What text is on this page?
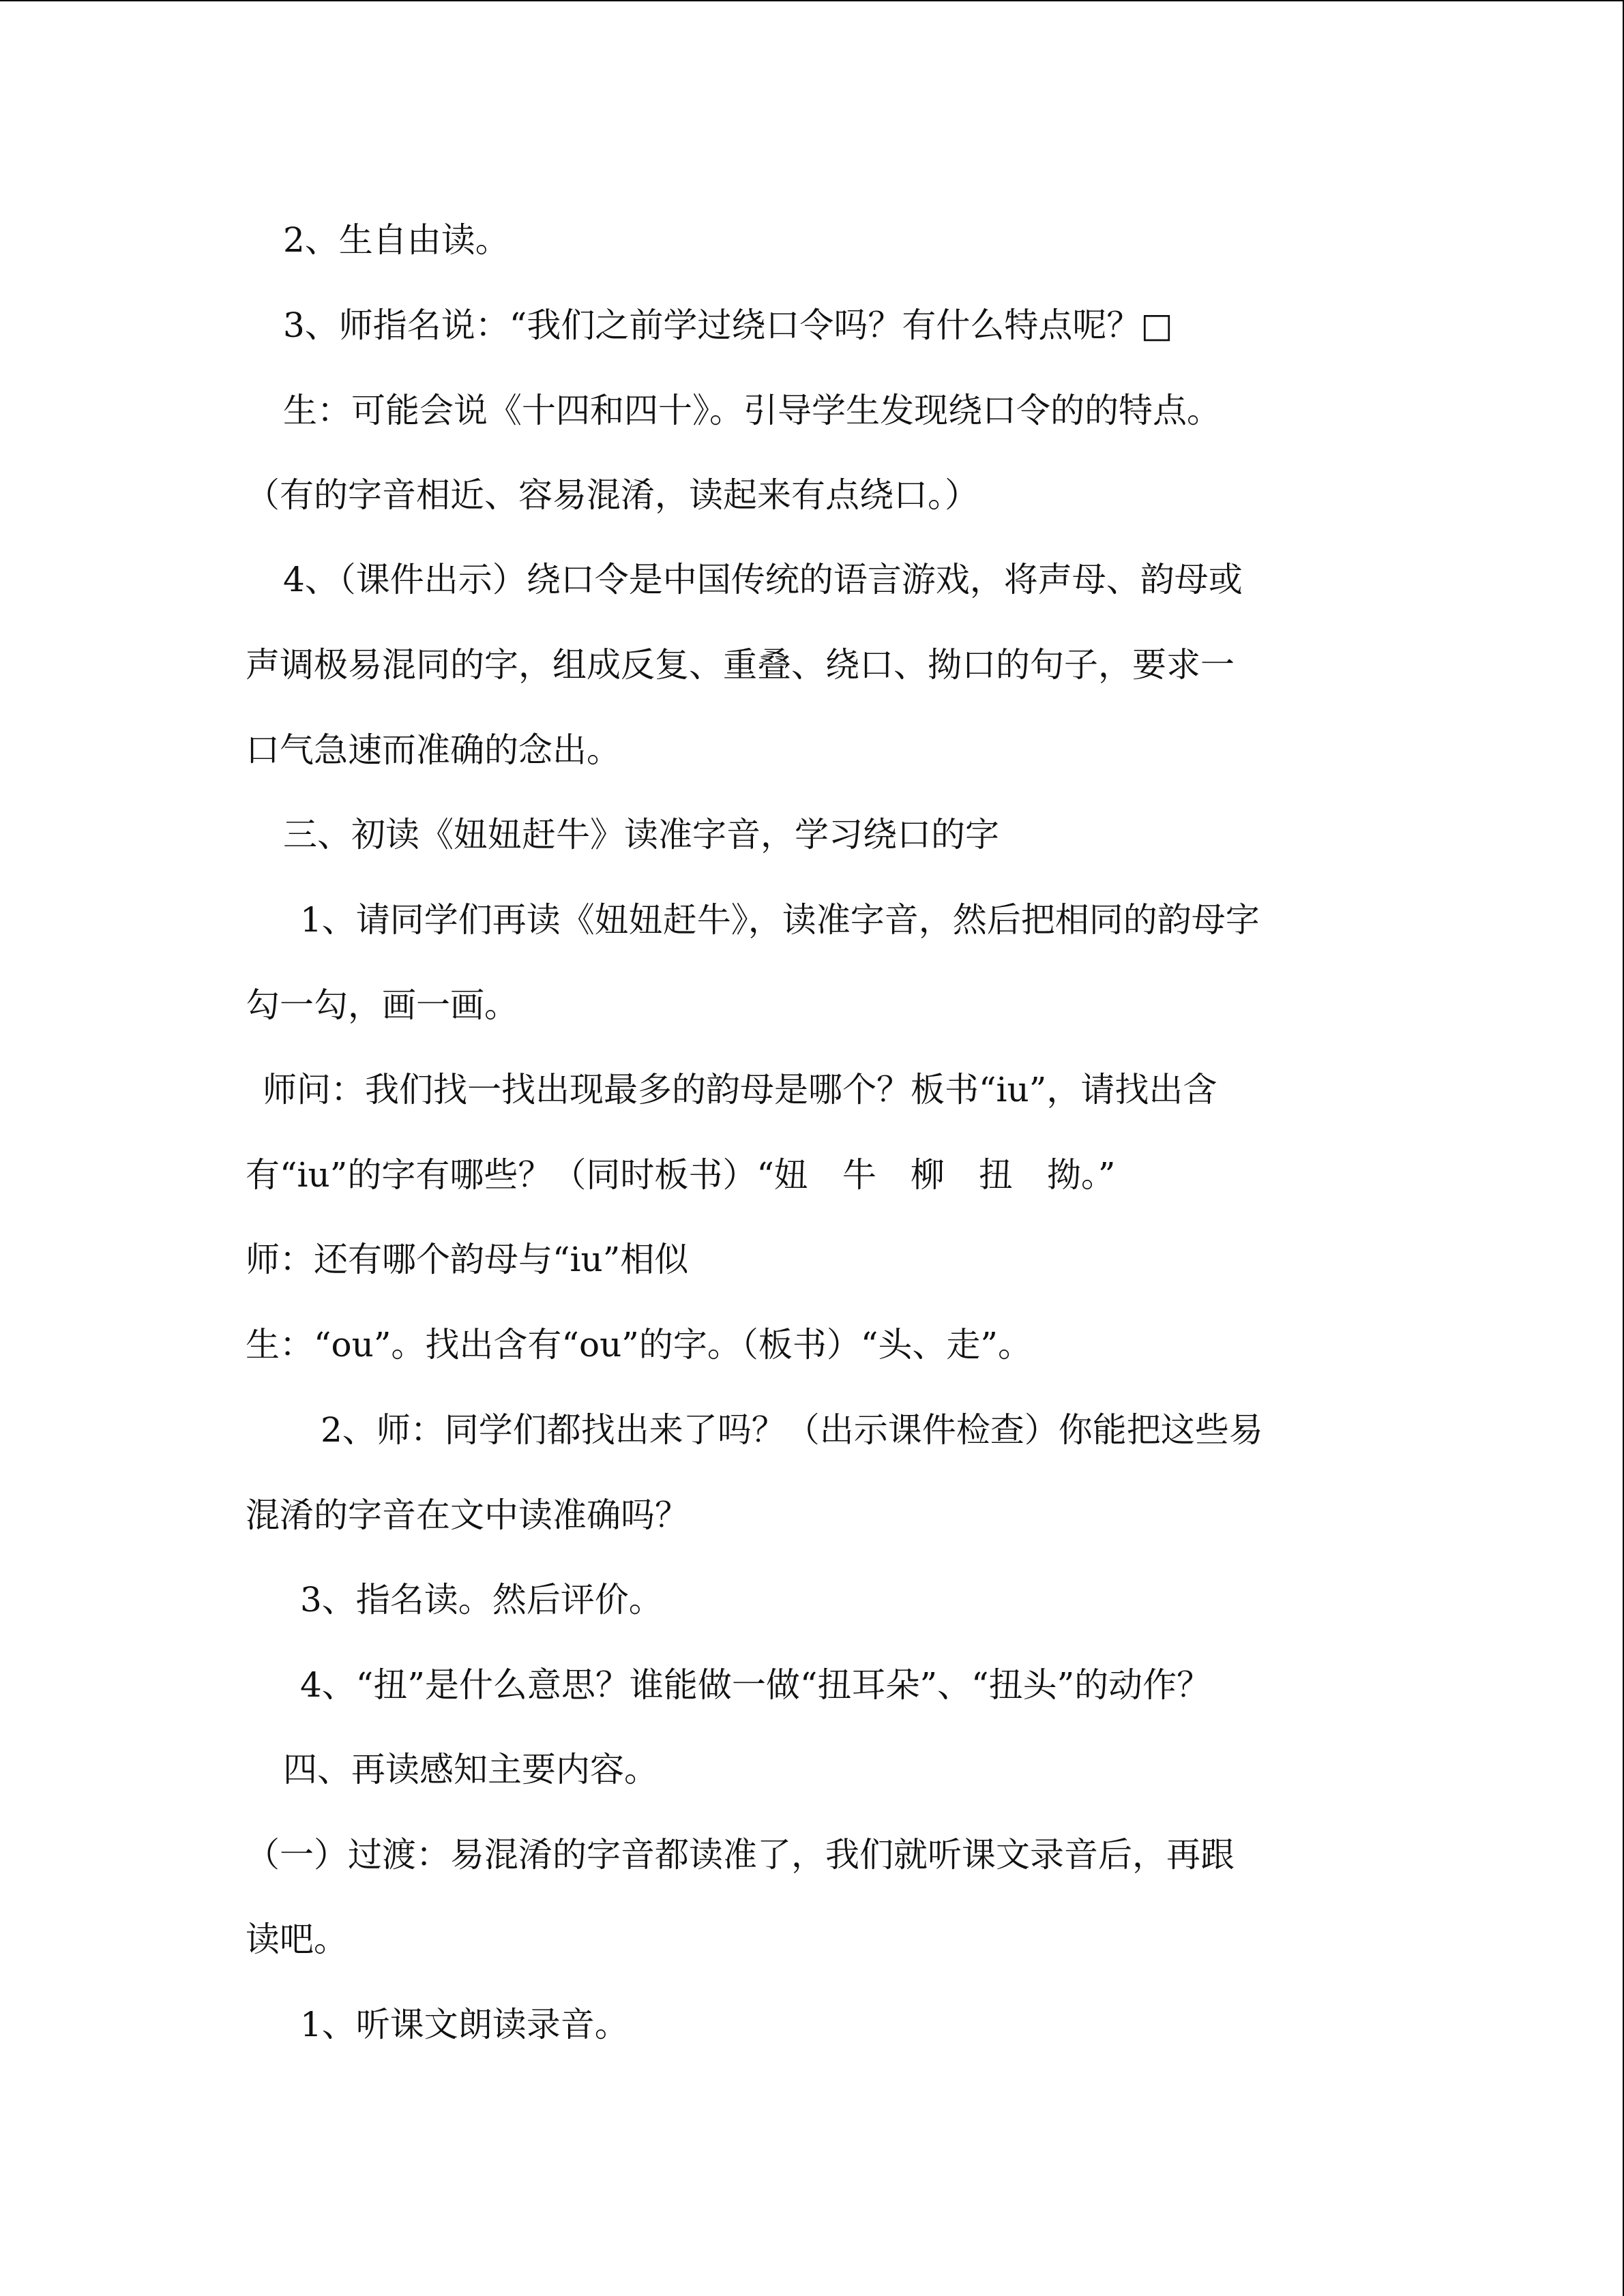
2、生自由读。
3、师指名说：“我们之前学过绕口令吗？有什么特点呢？□
生：可能会说《十四和四十》。引导学生发现绕口令的的特点。
（有的字音相近、容易混淆，读起来有点绕口。）
4、（课件出示）绕口令是中国传统的语言游戏，将声母、韵母或
声调极易混同的字，组成反复、重叠、绕口、拗口的句子，要求一
口气急速而准确的念出。
三、初读《妞妞赶牛》读准字音，学习绕口的字
1、请同学们再读《妞妞赶牛》，读准字音，然后把相同的韵母字
勾一勾，画一画。
师问：我们找一找出现最多的韵母是哪个？板书“iu”，请找出含
有“iu”的字有哪些？（同时板书）“妞　牛　柳　扭　拗。”
师：还有哪个韵母与“iu”相似
生：“ou”。找出含有“ou”的字。（板书）“头、走”。
2、师：同学们都找出来了吗？（出示课件检查）你能把这些易
混淆的字音在文中读准确吗？
3、指名读。然后评价。
4、“扭”是什么意思？谁能做一做“扭耳朵”、“扭头”的动作？
四、再读感知主要内容。
（一）过渡：易混淆的字音都读准了，我们就听课文录音后，再跟
读吧。
1、听课文朗读录音。
